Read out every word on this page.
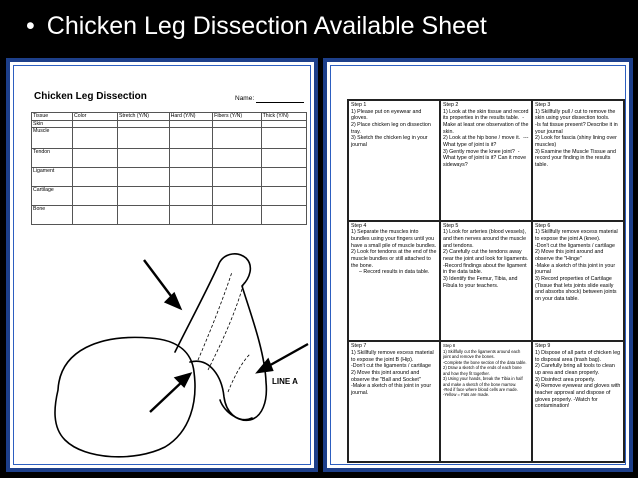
• Chicken Leg Dissection Available Sheet
Chicken Leg Dissection	Name:
Tissue	Color	Stretch (Y/N)	Hard (Y/N)	Fibers (Y/N)	Thick (Y/N)
Skin					
Muscle					
Tendon					
Ligament					
Cartilage					
Bone					
LINE A
Step 1
1) Please put on eyewear and gloves.
2) Place chicken leg on dissection tray.
3) Sketch the chicken leg in your journal
Step 2
1) Look at the skin tissue and record its properties in the results table.  -Make at least one observation of the skin.
2) Look at the hip bone / move it.  ---What type of joint is it?
3) Gently move the knee joint?  -What type of joint is it? Can it move sideways?
Step 3
1) Skillfully pull / cut to remove the skin using your dissection tools.
-Is fat tissue present? Describe it in your journal
2) Look for fascia (shiny lining over muscles)
3) Examine the Muscle Tissue and record your finding in the results table.
Step 4
1) Separate the muscles into bundles using your fingers until you have a small pile of muscle bundles.
2) Look for tendons at the end of the muscle bundles or still attached to the bone.
– Record results in data table.
Step 5
1) Look for arteries (blood vessels), and then nerves around the muscle and tendons.
2) Carefully cut the tendons away near the joint and look for ligaments.
-Record findings about the ligament in the data table.
3) Identify the Femur, Tibia, and Fibula to your teachers.
Step 6
1) Skillfully remove excess material to expose the joint A (knee).
-Don't cut the ligaments / cartilage
2) Move this joint around and observe the "Hinge"
-Make a sketch of this joint in your journal
3) Record properties of Cartilage (Tissue that lets joints slide easily and absorbs shock) between joints on your data table.
Step 7
1) Skillfully remove excess material to expose the joint B (Hip).
-Don't cut the ligaments / cartilage
2) Move this joint around and observe the "Ball and Socket"
-Make a sketch of this joint in your journal.
Step 8
1) Skillfully cut the ligaments around each joint and remove the bones.
-Complete the bone section of the data table.
2) Draw a sketch of the ends of each bone and how they fit together.
3) Using your hands, break the Tibia in half and make a sketch of the bone marrow.
-Red if face where blood cells are made.
-Yellow = Fats are made.
Step 9
1) Dispose of all parts of chicken leg to disposal area (trash bag).
2) Carefully bring all tools to clean up area and clean properly.
3) Disinfect area properly.
4) Remove eyewear and gloves with teacher approval and dispose of gloves properly. -Watch for contamination!
